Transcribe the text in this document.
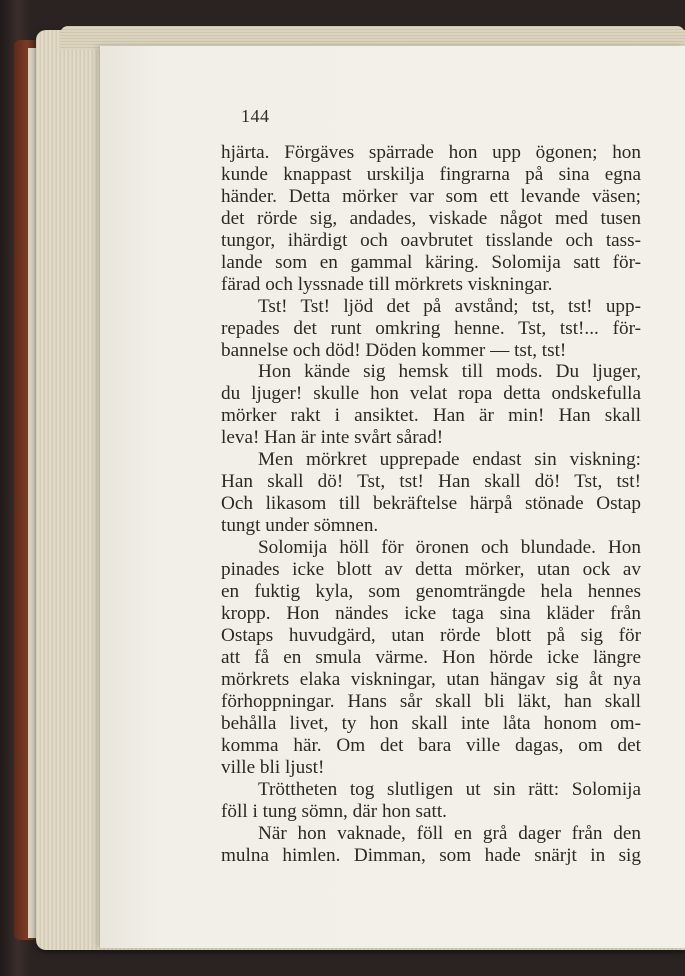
144
hjärta. Förgäves spärrade hon upp ögonen; hon
kunde knappast urskilja fingrarna på sina egna
händer. Detta mörker var som ett levande väsen;
det rörde sig, andades, viskade något med tusen
tungor, ihärdigt och oavbrutet tisslande och tass-
lande som en gammal käring. Solomija satt för-
färad och lyssnade till mörkrets viskningar.
Tst! Tst! ljöd det på avstånd; tst, tst! upp-
repades det runt omkring henne. Tst, tst!... för-
bannelse och död! Döden kommer — tst, tst!
Hon kände sig hemsk till mods. Du ljuger,
du ljuger! skulle hon velat ropa detta ondskefulla
mörker rakt i ansiktet. Han är min! Han skall
leva! Han är inte svårt sårad!
Men mörkret upprepade endast sin viskning:
Han skall dö! Tst, tst! Han skall dö! Tst, tst!
Och likasom till bekräftelse härpå stönade Ostap
tungt under sömnen.
Solomija höll för öronen och blundade. Hon
pinades icke blott av detta mörker, utan ock av
en fuktig kyla, som genomträngde hela hennes
kropp. Hon nändes icke taga sina kläder från
Ostaps huvudgärd, utan rörde blott på sig för
att få en smula värme. Hon hörde icke längre
mörkrets elaka viskningar, utan hängav sig åt nya
förhoppningar. Hans sår skall bli läkt, han skall
behålla livet, ty hon skall inte låta honom om-
komma här. Om det bara ville dagas, om det
ville bli ljust!
Tröttheten tog slutligen ut sin rätt: Solomija
föll i tung sömn, där hon satt.
När hon vaknade, föll en grå dager från den
mulna himlen. Dimman, som hade snärjt in sig
